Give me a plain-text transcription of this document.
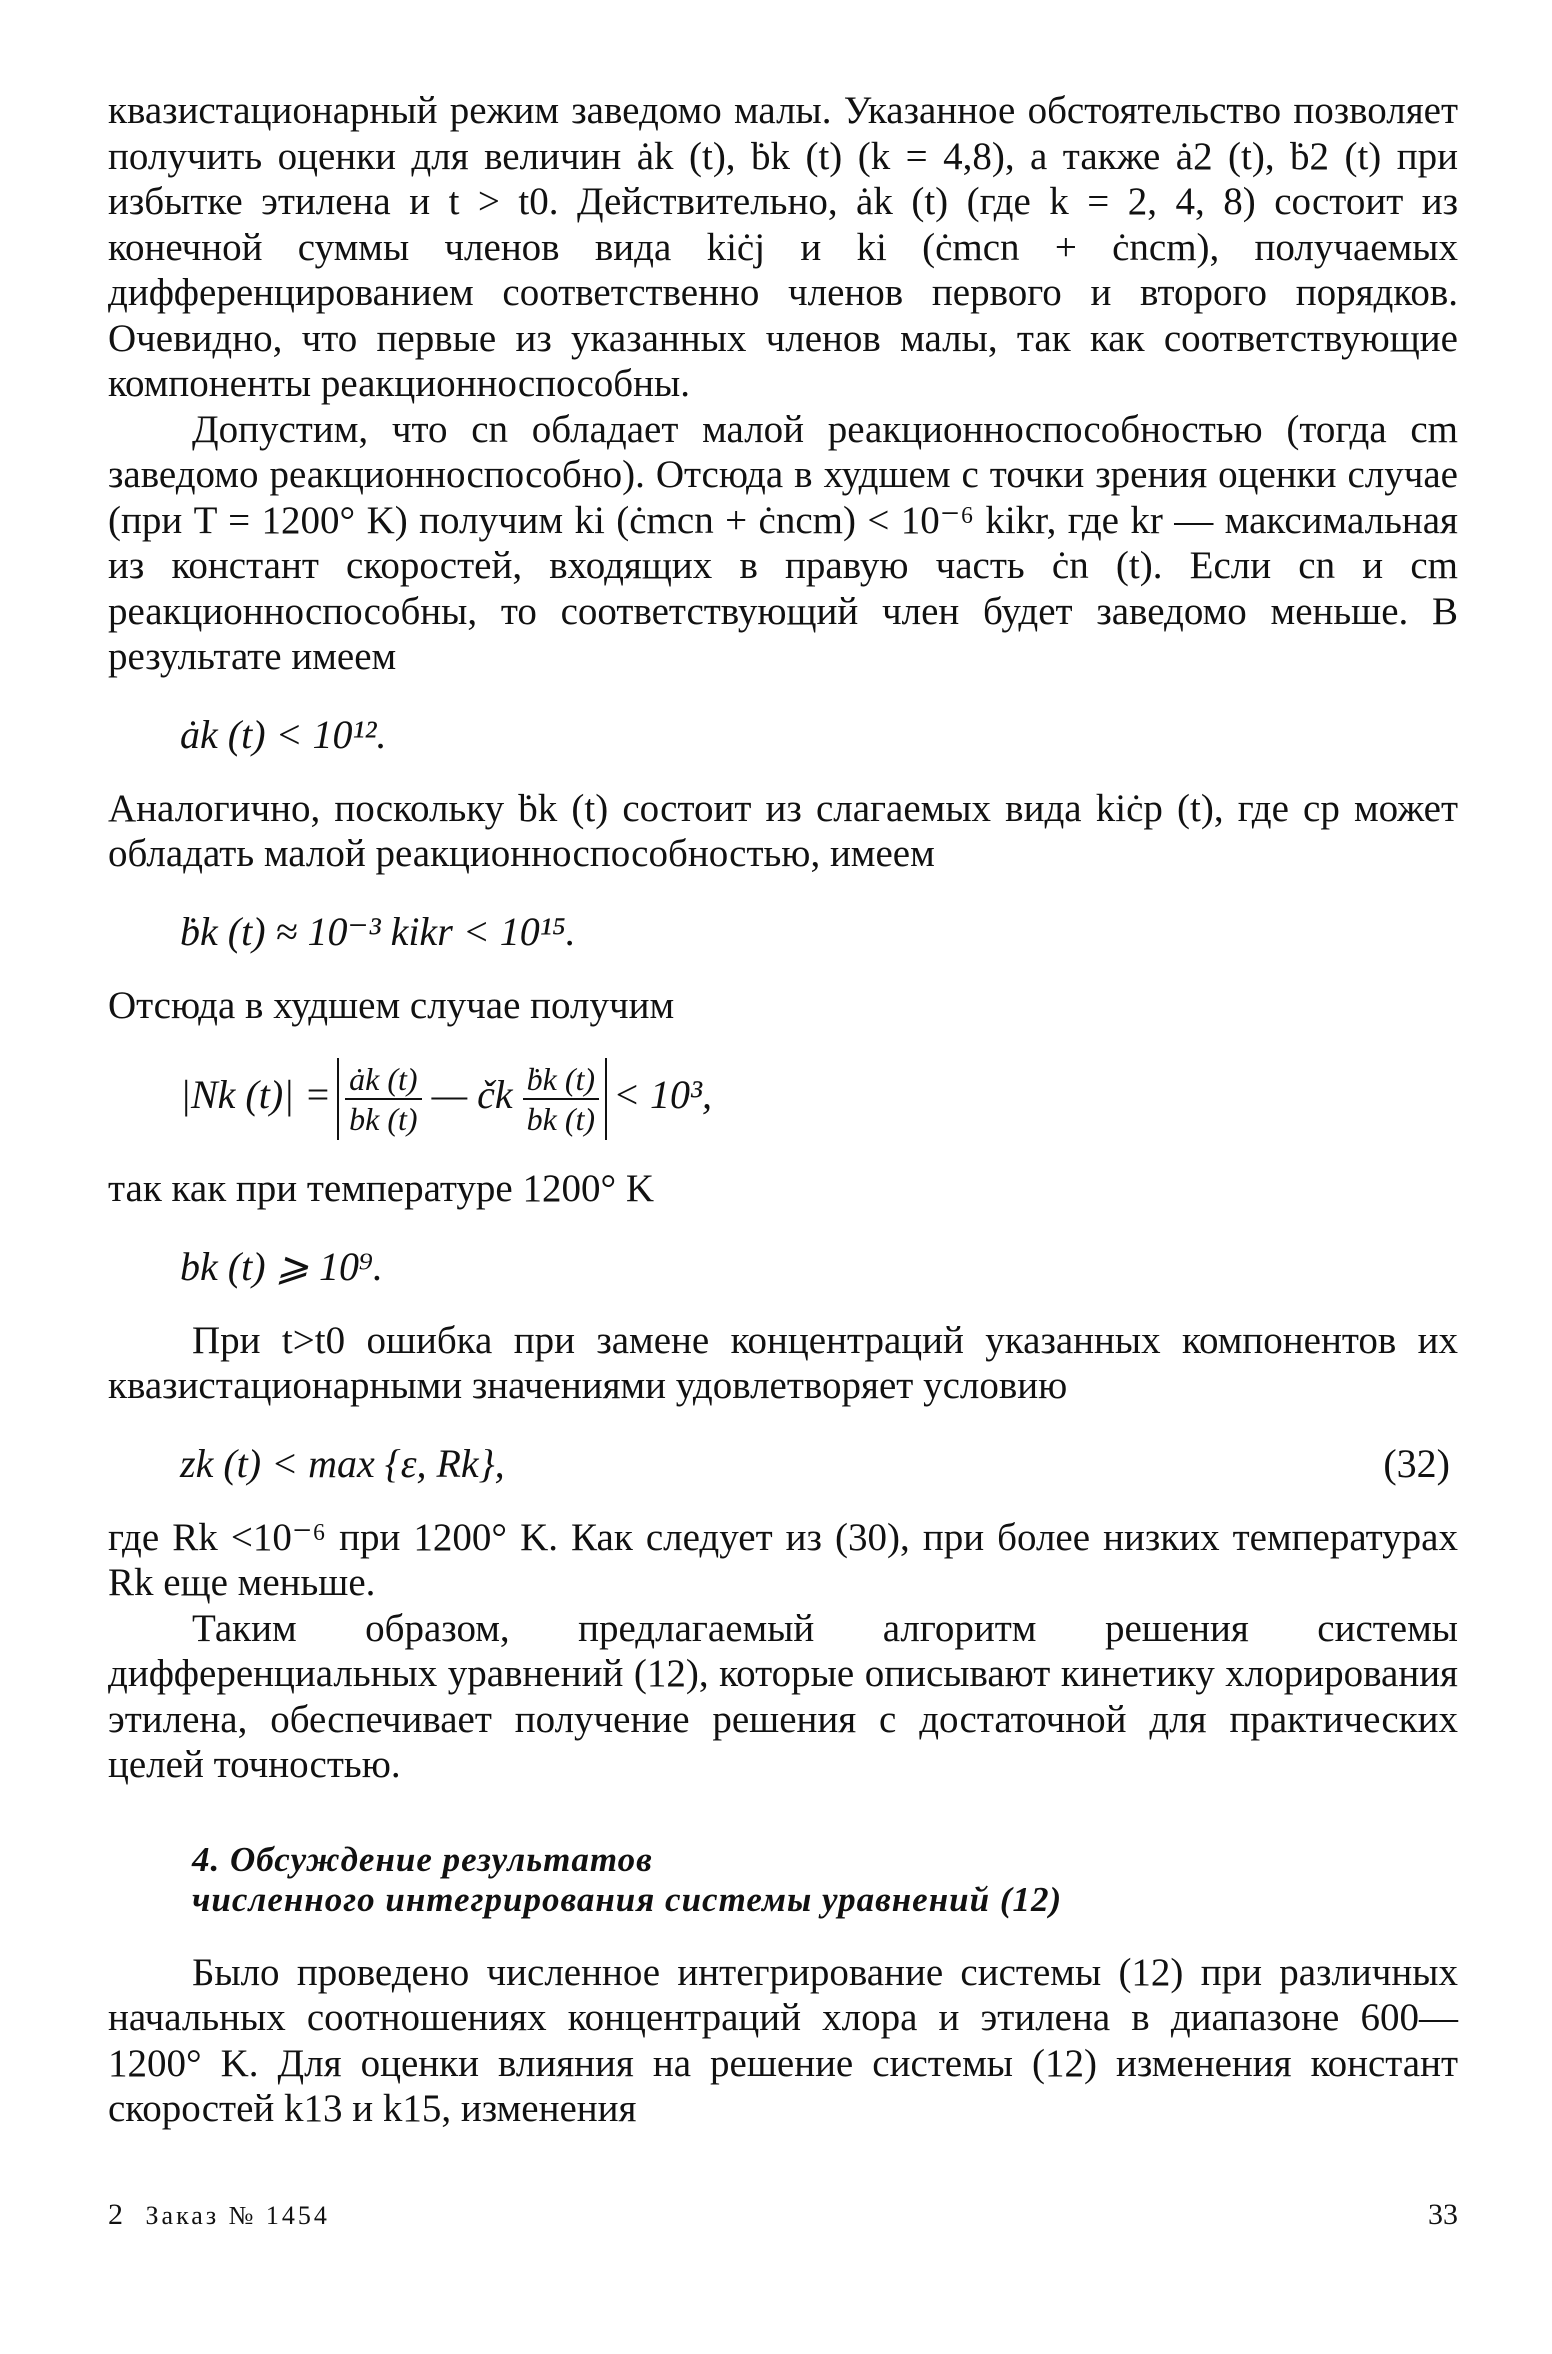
квазистационарный режим заведомо малы. Указанное обстоятельство позволяет получить оценки для величин ȧk (t), ḃk (t) (k = 4,8), а также ȧ2 (t), ḃ2 (t) при избытке этилена и t > t0. Действительно, ȧk (t) (где k = 2, 4, 8) состоит из конечной суммы членов вида kiċj и ki (ċmcn + ċncm), получаемых дифференцированием соответственно членов первого и второго порядков. Очевидно, что первые из указанных членов малы, так как соответствующие компоненты реакционноспособны.

Допустим, что cn обладает малой реакционноспособностью (тогда cm заведомо реакционноспособно). Отсюда в худшем с точки зрения оценки случае (при T = 1200° K) получим ki (ċmcn + ċncm) < 10⁻⁶ kikr, где kr — максимальная из констант скоростей, входящих в правую часть ċn (t). Если cn и cm реакционноспособны, то соответствующий член будет заведомо меньше. В результате имеем

ȧk (t) < 10¹².

Аналогично, поскольку ḃk (t) состоит из слагаемых вида kiċp (t), где cp может обладать малой реакционноспособностью, имеем

ḃk (t) ≈ 10⁻³ kikr < 10¹⁵.

Отсюда в худшем случае получим

|Nk $(t)| = \frac{ȧk (t)}{bk (t)}$ — čk $\frac{\text{ḃk (t)}}{bk (t)} < 10^3$,

так как при температуре 1200° K

bk (t) ⩾ 10⁹.

При t>t0 ошибка при замене концентраций указанных компонентов их квазистационарными значениями удовлетворяет условию

zk (t) < max {ε, Rk},	(32)

где Rk <10⁻⁶ при 1200° K. Как следует из (30), при более низких температурах Rk еще меньше.

Таким образом, предлагаемый алгоритм решения системы дифференциальных уравнений (12), которые описывают кинетику хлорирования этилена, обеспечивает получение решения с достаточной для практических целей точностью.

4. Обсуждение результатов
численного интегрирования системы уравнений (12)

Было проведено численное интегрирование системы (12) при различных начальных соотношениях концентраций хлора и этилена в диапазоне 600—1200° K. Для оценки влияния на решение системы (12) изменения констант скоростей k13 и k15, изменения

2 Заказ № 1454	33
